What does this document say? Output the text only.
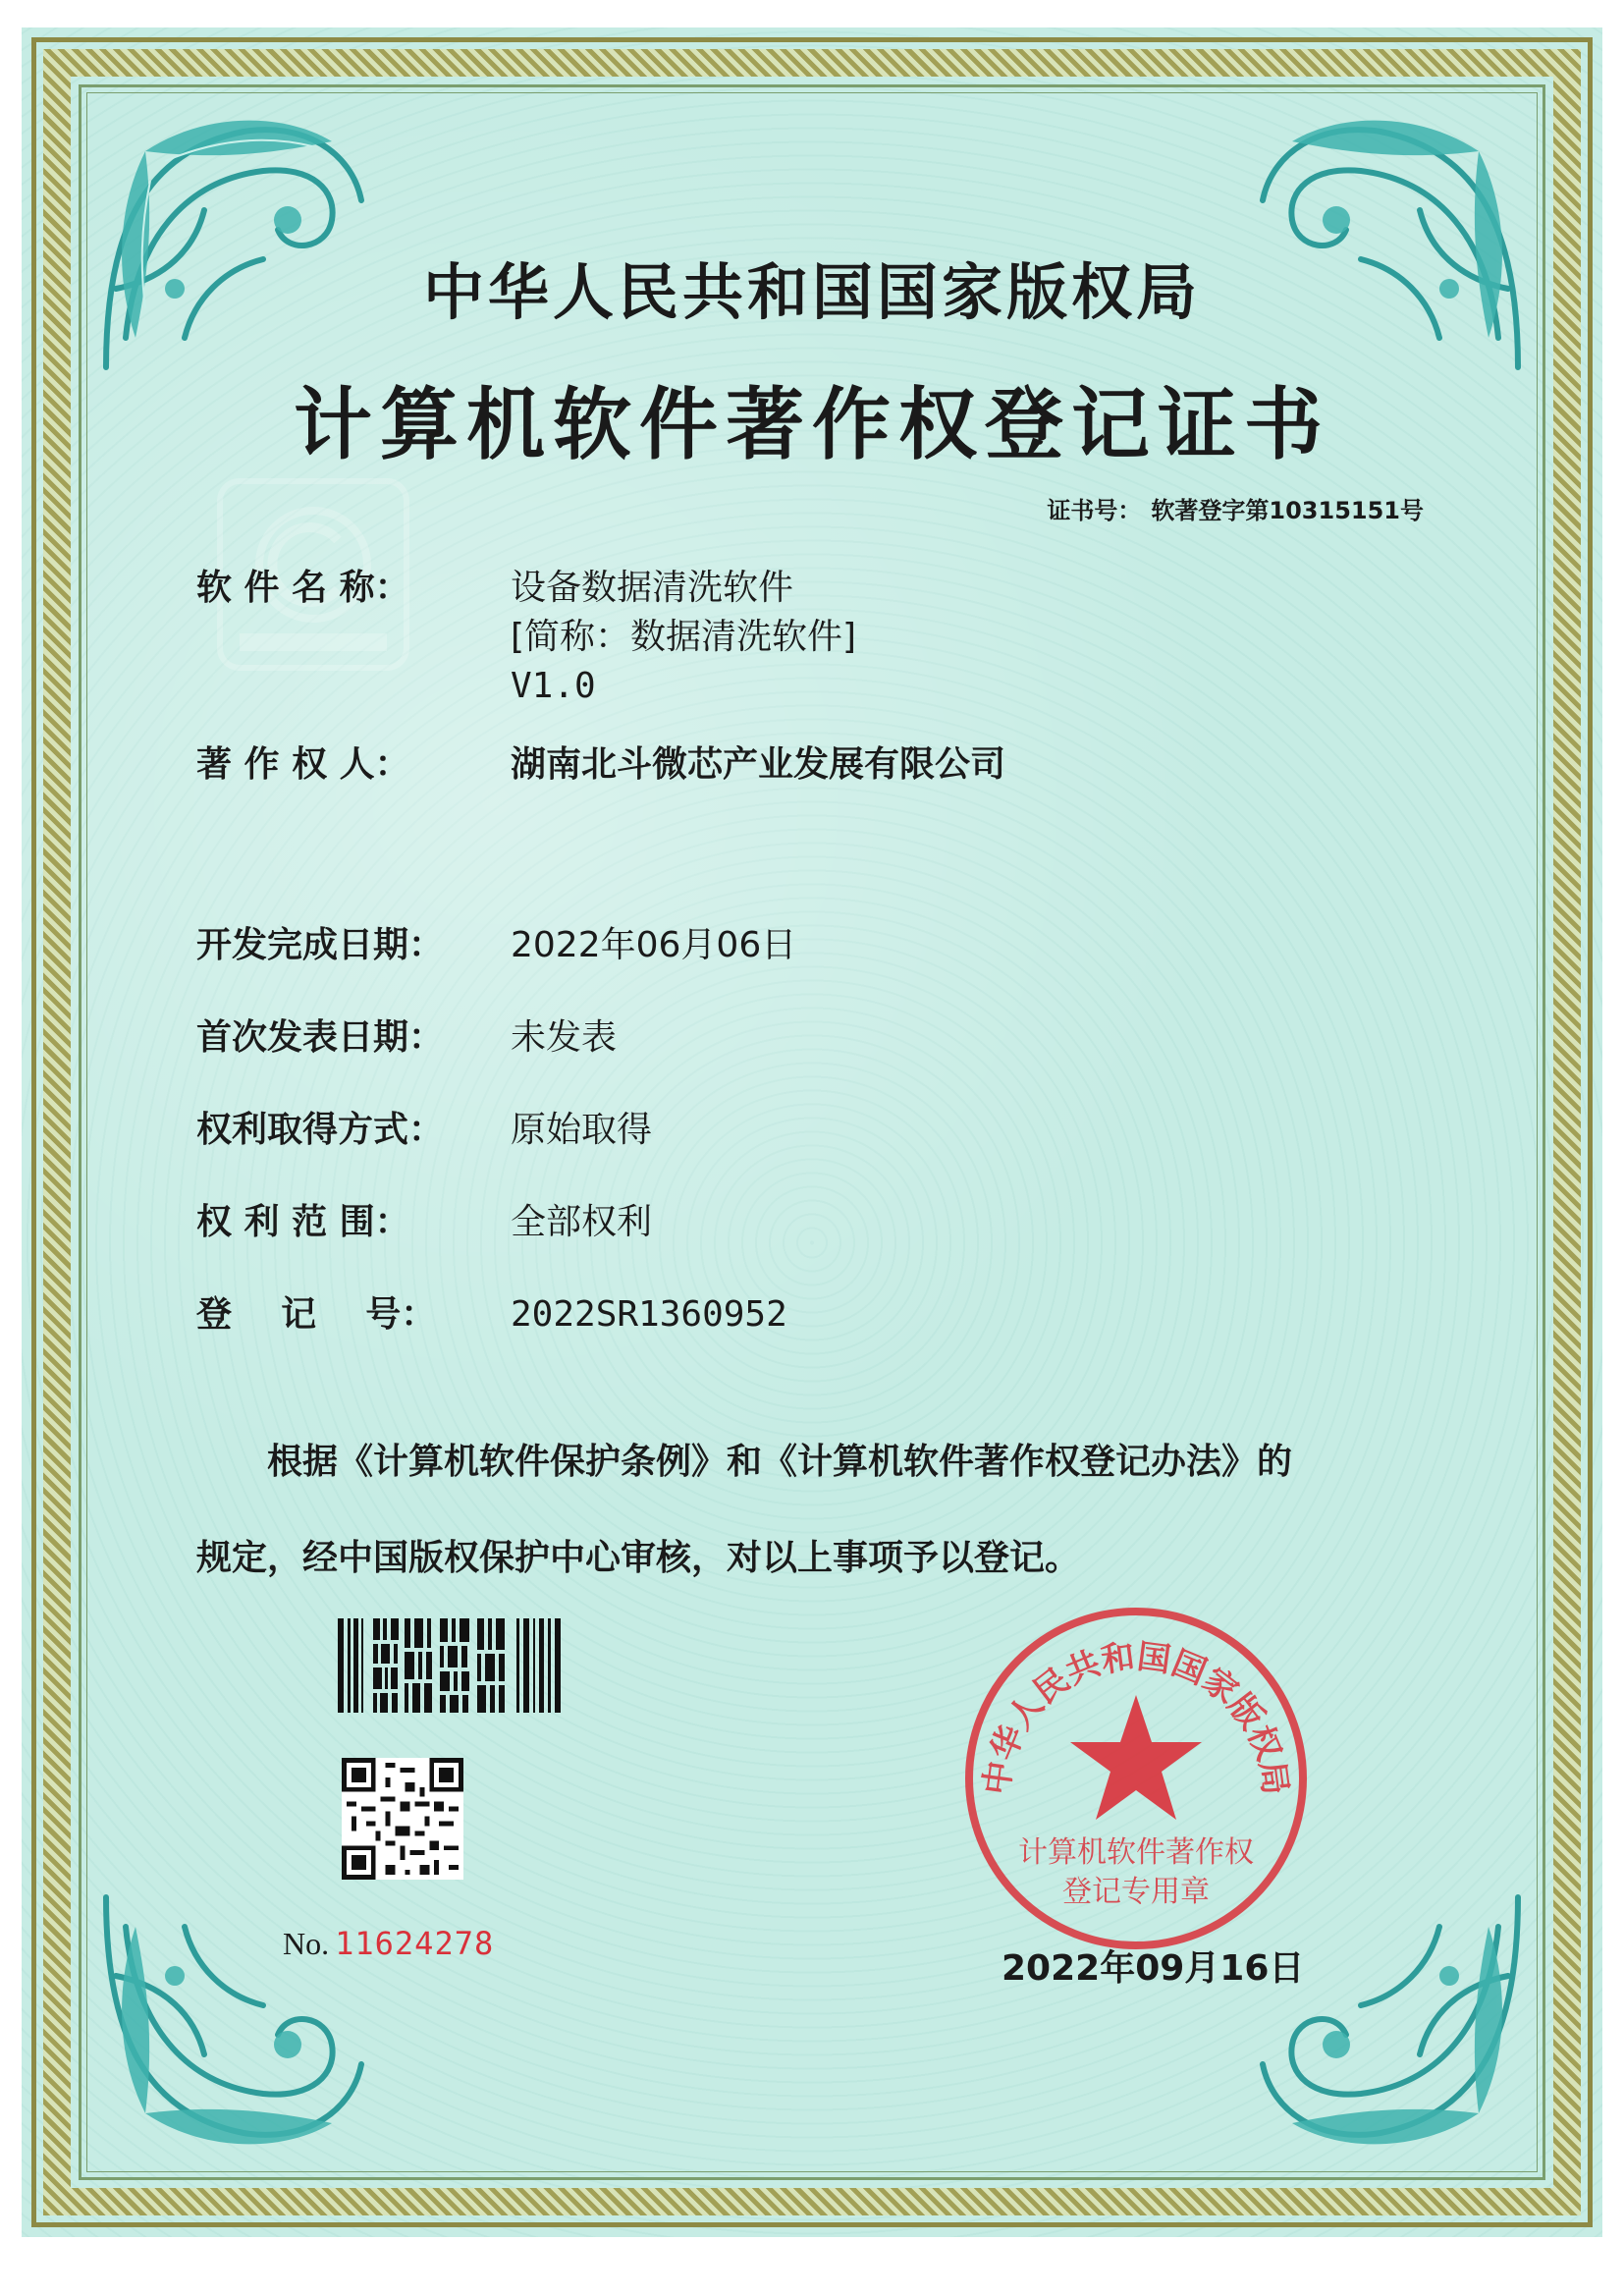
中华人民共和国国家版权局
计算机软件著作权登记证书
证书号： 软著登字第10315151号
软 件 名 称：	设备数据清洗软件
[简称：数据清洗软件]
V1.0
著 作 权 人：	湖南北斗微芯产业发展有限公司
开发完成日期：	2022年06月06日
首次发表日期：	未发表
权利取得方式：	原始取得
权 利 范 围：	全部权利
登    记    号：	2022SR1360952

根据《计算机软件保护条例》和《计算机软件著作权登记办法》的

规定，经中国版权保护中心审核，对以上事项予以登记。

No. 11624278
中华人民共和国国家版权局
计算机软件著作权
登记专用章
2022年09月16日
